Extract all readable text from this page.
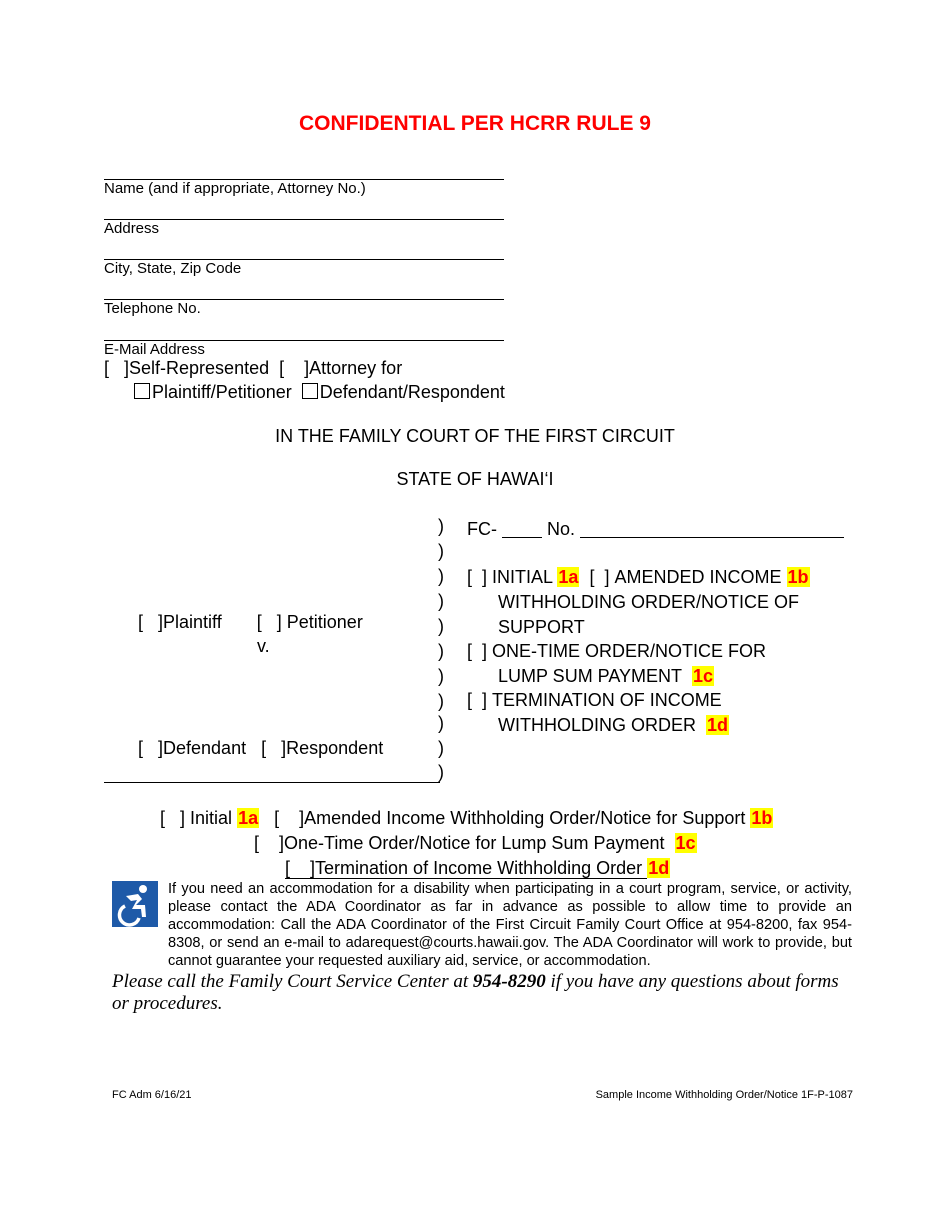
CONFIDENTIAL PER HCRR RULE 9
Name (and if appropriate, Attorney No.)
Address
City, State, Zip Code
Telephone No.
E-Mail Address
[   ]Self-Represented [    ]Attorney for
Plaintiff/Petitioner Defendant/Respondent
IN THE FAMILY COURT OF THE FIRST CIRCUIT
STATE OF HAWAI‘I
)
)
)
)
)
)
)
)
)
)
)
[   ]Plaintiff [   ] Petitioner
v.
[   ]Defendant [   ]Respondent
FC-	No.
[  ] INITIAL 1a [  ] AMENDED INCOME 1b
WITHHOLDING ORDER/NOTICE OF
SUPPORT
[  ] ONE-TIME ORDER/NOTICE FOR
LUMP SUM PAYMENT 1c
[  ] TERMINATION OF INCOME
WITHHOLDING ORDER 1d
[   ] Initial 1a [    ]Amended Income Withholding Order/Notice for Support 1b
[    ]One-Time Order/Notice for Lump Sum Payment 1c
[    ]Termination of Income Withholding Order 1d
If you need an accommodation for a disability when participating in a court program, service, or activity, please contact the ADA Coordinator as far in advance as possible to allow time to provide an accommodation: Call the ADA Coordinator of the First Circuit Family Court Office at 954-8200, fax 954-8308, or send an e-mail to adarequest@courts.hawaii.gov. The ADA Coordinator will work to provide, but cannot guarantee your requested auxiliary aid, service, or accommodation.
Please call the Family Court Service Center at 954-8290 if you have any questions about forms or procedures.
FC Adm 6/16/21	Sample Income Withholding Order/Notice 1F-P-1087
